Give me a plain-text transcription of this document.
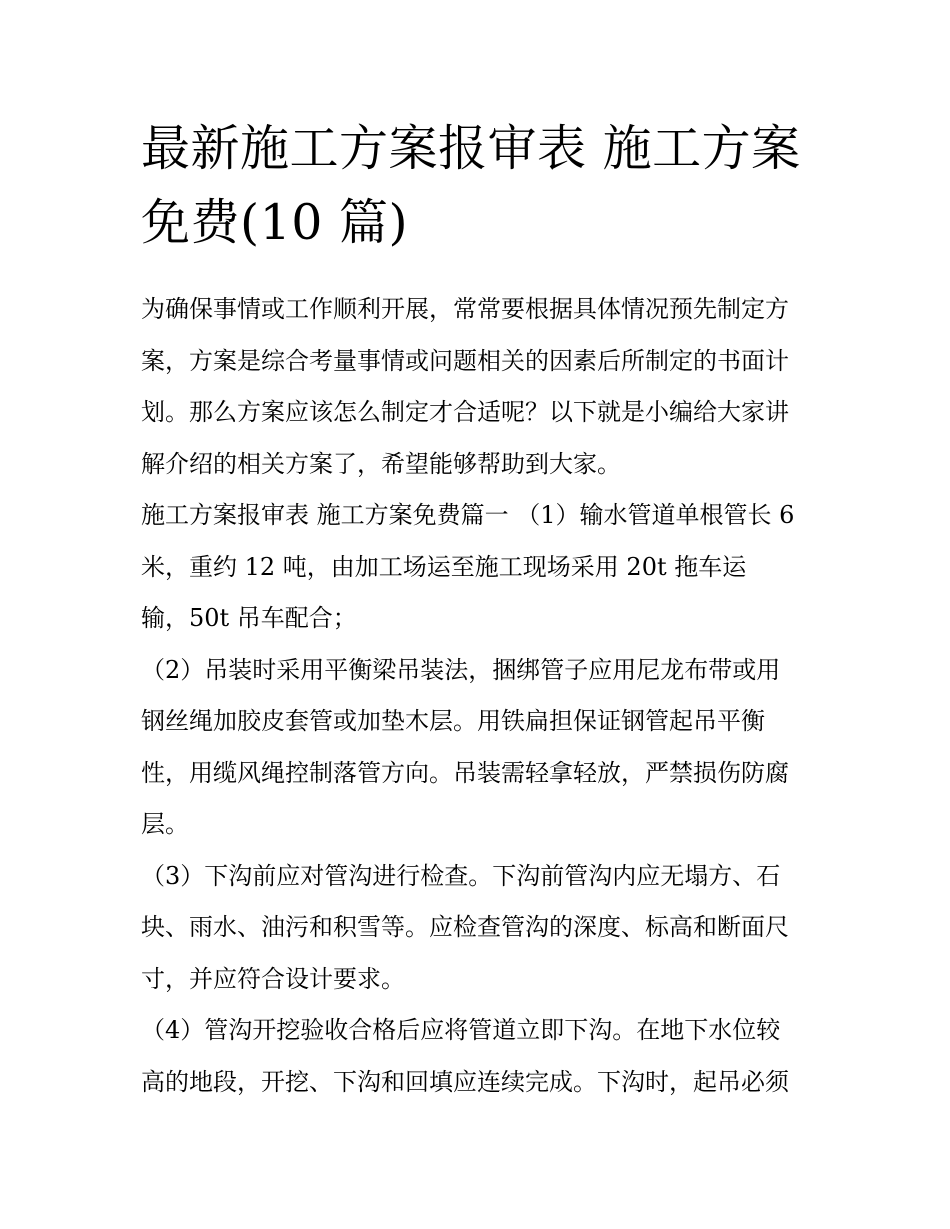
最新施工方案报审表 施工方案
免费(10 篇)
为确保事情或工作顺利开展，常常要根据具体情况预先制定方
案，方案是综合考量事情或问题相关的因素后所制定的书面计
划。那么方案应该怎么制定才合适呢？以下就是小编给大家讲
解介绍的相关方案了，希望能够帮助到大家。
施工方案报审表 施工方案免费篇一 （1）输水管道单根管长 6
米，重约 12 吨，由加工场运至施工现场采用 20t 拖车运
输，50t 吊车配合；
（2）吊装时采用平衡梁吊装法，捆绑管子应用尼龙布带或用
钢丝绳加胶皮套管或加垫木层。用铁扁担保证钢管起吊平衡
性，用缆风绳控制落管方向。吊装需轻拿轻放，严禁损伤防腐
层。
（3）下沟前应对管沟进行检查。下沟前管沟内应无塌方、石
块、雨水、油污和积雪等。应检查管沟的深度、标高和断面尺
寸，并应符合设计要求。
（4）管沟开挖验收合格后应将管道立即下沟。在地下水位较
高的地段，开挖、下沟和回填应连续完成。下沟时，起吊必须
